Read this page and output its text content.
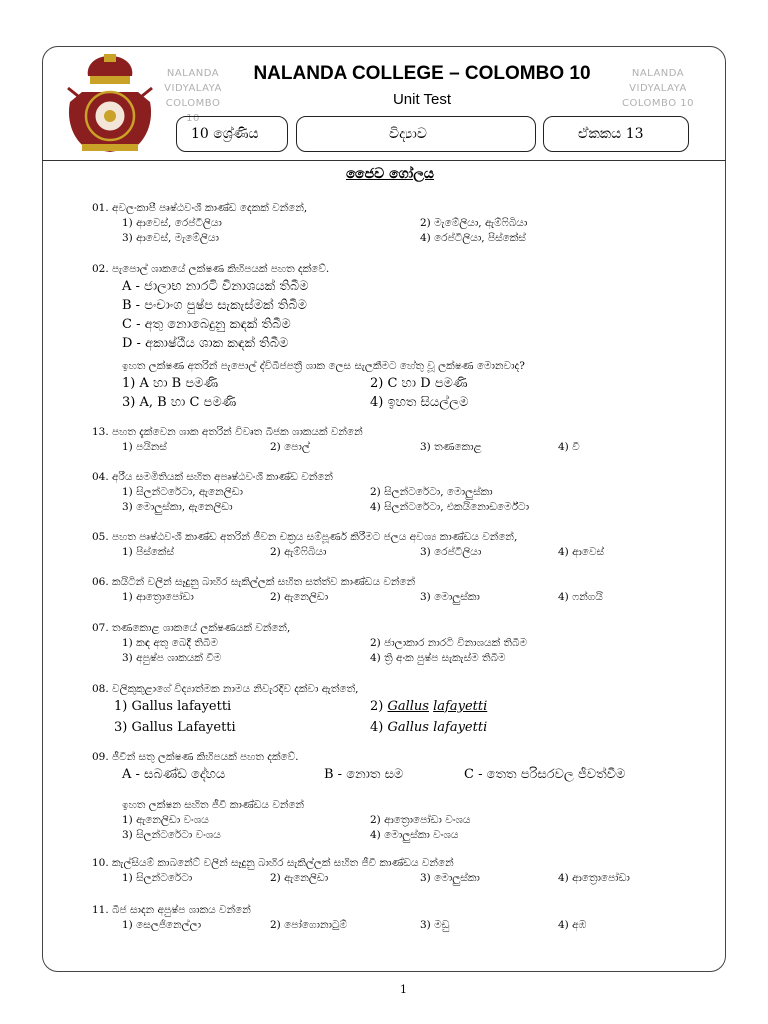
NALANDA
VIDYALAYA
COLOMBO 10
NALANDA
VIDYALAYA
COLOMBO 10
NALANDA COLLEGE – COLOMBO 10
Unit Test
10 ශ්‍රේණිය	විද්‍යාව	ඒකකය 13
ජෛව ගෝලය
01. අවලංකාපී පෘෂ්ඨවංශී කාණ්ඩ දෙකක් වන්නේ,
1) ආවෙස්, රෙප්ටීලියා	2) මැමේලියා, ඇම්ෆිබියා
3) ආවෙස්, මැමේලියා	4) රෙප්ටීලියා, පිස්කේස්
02. පැපොල් ශාකයේ ලක්ෂණ කිහිපයක් පහත දක්වේ.
A - ජාලාභ නාරටි විනාශයක් තිබීම
B - පංචාංග පුෂ්ප සැකැස්මක් තිබීම
C - අතු නොබෙදුනු කඳක් තිබීම
D - අකාෂ්ඨීය ශාක කඳක් තිබීම
ඉහත ලක්ෂණ අතරින් පැපොල් ද්විබීජපත්‍රී ශාක ලෙස සැලකීමට හේතු වූ ලක්ෂණ මොනවාද?
1) A හා B පමණි	2) C හා D පමණි
3) A, B හා C පමණි	4) ඉහත සියල්ලම
13. පහත දැක්වෙන ශාක අතරින් විවෘත බීජක ශාකයක් වන්නේ
1) පයිනස්	2) පොල්	3) තණකොළ	4) වී
04. අරීය සමමිතියක් සහිත අපෘෂ්ඨවංශී කාණ්ඩ වන්නේ
1) සිලන්ටරේටා, ඇනෙලිඩා	2) සිලන්ටරේටා, මොලුස්කා
3) මොලුස්කා, ඇනෙලිඩා	4) සිලන්ටරේටා, එකයිනොඩර්මේටා
05. පහත පෘෂ්ඨවංශී කාණ්ඩ අතරින් ජීවන චක්‍රය සම්පූර්ණ කිරීමට ජලය අවශ්‍ය කාණ්ඩය වන්නේ,
1) පිස්කේස්	2) ඇම්ෆිබියා	3) රෙප්ටීලියා	4) ආවෙස්
06. කයිටින් වලින් සෑදුනු බාහිර සැකිල්ලක් සහිත සත්ත්ව කාණ්ඩය වන්නේ
1) ආත්‍රොපෝඩා	2) ඇනෙලිඩා	3) මොලුස්කා	4) ෆන්ගයි
07. තණකොළ ශාකයේ ලක්ෂණයක් වන්නේ,
1) කඳ අතු බෙදී තිබීම	2) ජාලාකාර නාරටි විනාශයක් තිබීම
3) අපුෂ්ප ශාකයක් වීම	4) ත්‍රි අංක පුෂ්ප සැකැස්ම තිබීම
08. වලිකුකුළාගේ විද්‍යාත්මක නාමය නිවැරදිව දක්වා ඇත්තේ,
1) Gallus lafayetti	2) Gallus lafayetti
3) Gallus Lafayetti	4) Gallus lafayetti
09. ජීවීන් සතු ලක්ෂණ කිහිපයක් පහත දක්වේ.
A - සබණ්ඩ දේහය	B - නොත සම	C - තෙත පරිසරවල ජීවත්වීම
ඉහත ලක්ෂන සහිත ජීවී කාණ්ඩය වන්නේ
1) ඇනෙලිඩා වංශය	2) ආත්‍රොපෝඩා වංශය
3) සිලන්ටරේටා වංශය	4) මොලුස්කා වංශය
10. කැල්සියම් කාබනේට් වලින් සෑදුනු බාහිර සැකිල්ලක් සහිත ජීවී කාණ්ඩය වන්නේ
1) සිලන්ටරේටා	2) ඇනෙලිඩා	3) මොලුස්කා	4) ආත්‍රොපෝඩා
11. බීජ සාදන අපුෂ්ප ශාකය වන්නේ
1) සෙලජිනෙල්ලා	2) පෝගොනාටුම්	3) මඩු	4) අඹ
1
